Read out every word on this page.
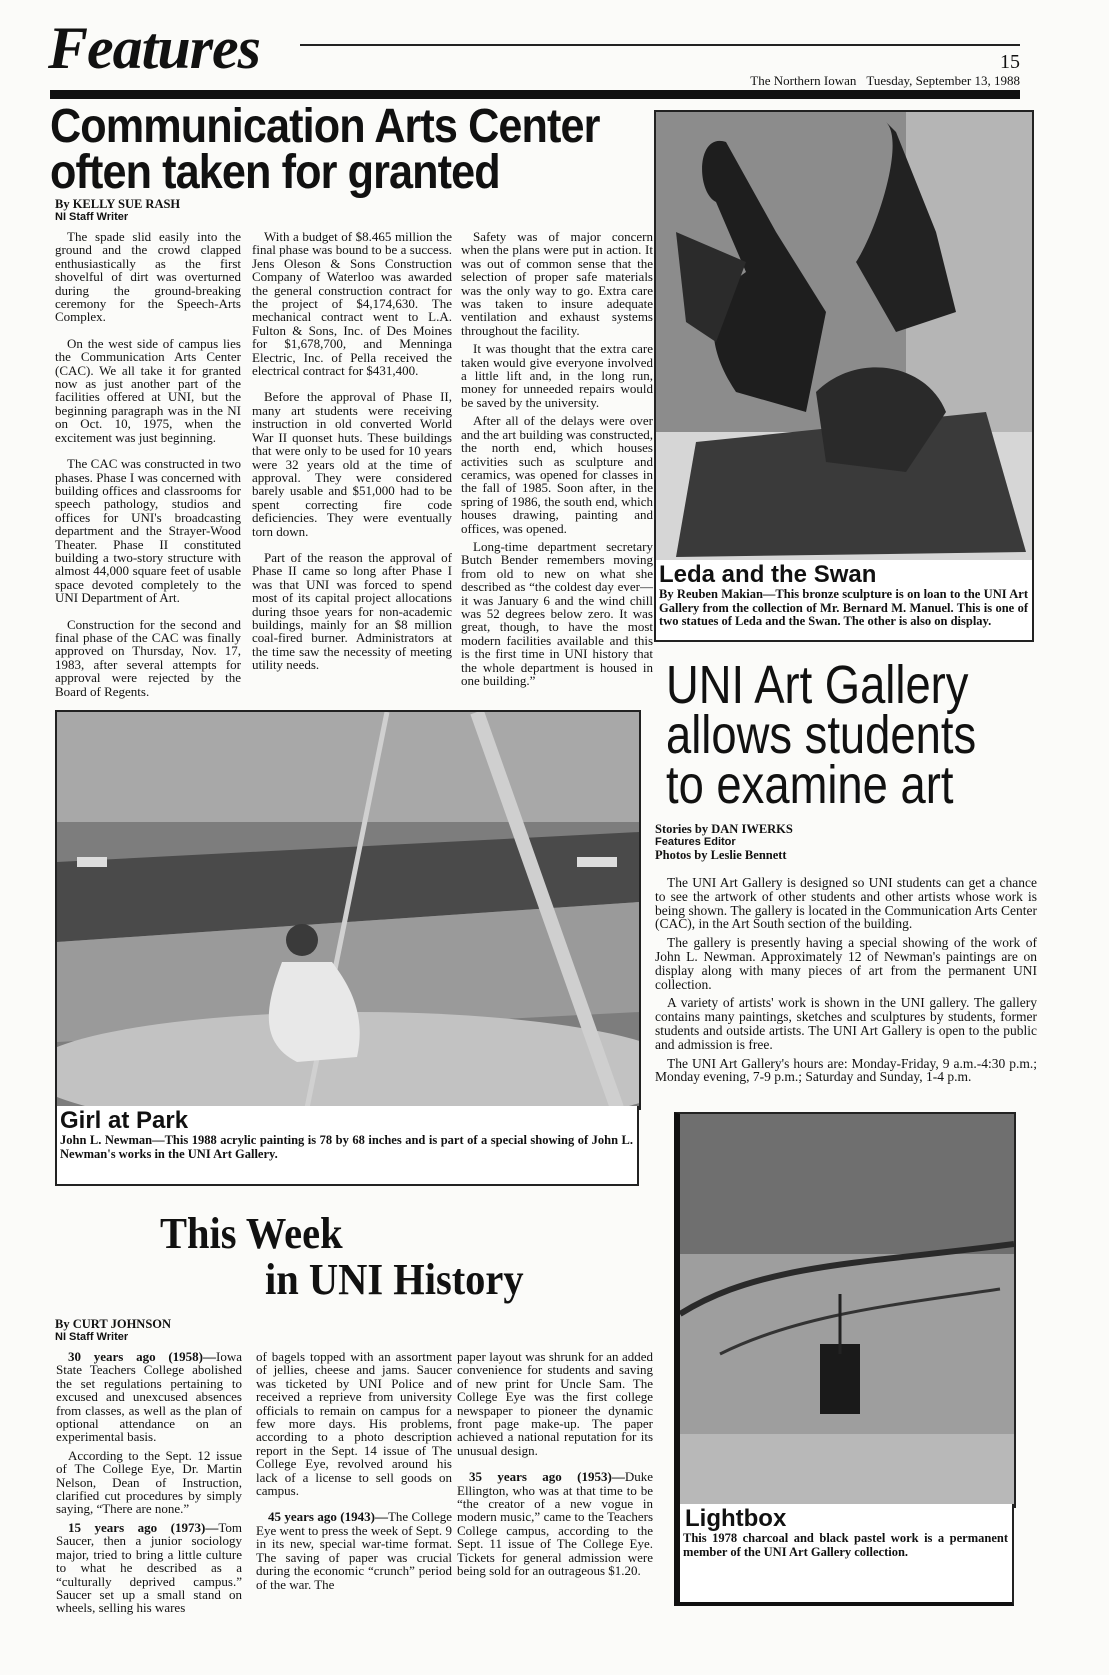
Features	15
The Northern Iowan Tuesday, September 13, 1988
Communication Arts Center
often taken for granted
By KELLY SUE RASH
NI Staff Writer

The spade slid easily into the ground and the crowd clapped enthusiastically as the first shovelful of dirt was overturned during the ground-breaking ceremony for the Speech-Arts Complex.

On the west side of campus lies the Communication Arts Center (CAC). We all take it for granted now as just another part of the facilities offered at UNI, but the beginning paragraph was in the NI on Oct. 10, 1975, when the excitement was just beginning.

The CAC was constructed in two phases. Phase I was concerned with building offices and classrooms for speech pathology, studios and offices for UNI's broadcasting department and the Strayer-Wood Theater. Phase II constituted building a two-story structure with almost 44,000 square feet of usable space devoted completely to the UNI Department of Art.

Construction for the second and final phase of the CAC was finally approved on Thursday, Nov. 17, 1983, after several attempts for approval were rejected by the Board of Regents.

With a budget of $8.465 million the final phase was bound to be a success. Jens Oleson & Sons Construction Company of Waterloo was awarded the general construction contract for the project of $4,174,630. The mechanical contract went to L.A. Fulton & Sons, Inc. of Des Moines for $1,678,700, and Menninga Electric, Inc. of Pella received the electrical contract for $431,400.

Before the approval of Phase II, many art students were receiving instruction in old converted World War II quonset huts. These buildings that were only to be used for 10 years were 32 years old at the time of approval. They were considered barely usable and $51,000 had to be spent correcting fire code deficiencies. They were eventually torn down.

Part of the reason the approval of Phase II came so long after Phase I was that UNI was forced to spend most of its capital project allocations during thsoe years for non-academic buildings, mainly for an $8 million coal-fired burner. Administrators at the time saw the necessity of meeting utility needs.

Safety was of major concern when the plans were put in action. It was out of common sense that the selection of proper safe materials was the only way to go. Extra care was taken to insure adequate ventilation and exhaust systems throughout the facility.

It was thought that the extra care taken would give everyone involved a little lift and, in the long run, money for unneeded repairs would be saved by the university.

After all of the delays were over and the art building was constructed, the north end, which houses activities such as sculpture and ceramics, was opened for classes in the fall of 1985. Soon after, in the spring of 1986, the south end, which houses drawing, painting and offices, was opened.

Long-time department secretary Butch Bender remembers moving from old to new on what she described as “the coldest day ever—it was January 6 and the wind chill was 52 degrees below zero. It was great, though, to have the most modern facilities available and this is the first time in UNI history that the whole department is housed in one building.”

Leda and the Swan
By Reuben Makian—This bronze sculpture is on loan to the UNI Art Gallery from the collection of Mr. Bernard M. Manuel. This is one of two statues of Leda and the Swan. The other is also on display.
UNI Art Gallery
allows students
to examine art
Stories by DAN IWERKS
Features Editor
Photos by Leslie Bennett

The UNI Art Gallery is designed so UNI students can get a chance to see the artwork of other students and other artists whose work is being shown. The gallery is located in the Communication Arts Center (CAC), in the Art South section of the building.

The gallery is presently having a special showing of the work of John L. Newman. Approximately 12 of Newman's paintings are on display along with many pieces of art from the permanent UNI collection.

A variety of artists' work is shown in the UNI gallery. The gallery contains many paintings, sketches and sculptures by students, former students and outside artists. The UNI Art Gallery is open to the public and admission is free.

The UNI Art Gallery's hours are: Monday-Friday, 9 a.m.-4:30 p.m.; Monday evening, 7-9 p.m.; Saturday and Sunday, 1-4 p.m.

Girl at Park
John L. Newman—This 1988 acrylic painting is 78 by 68 inches and is part of a special showing of John L. Newman's works in the UNI Art Gallery.
Lightbox
This 1978 charcoal and black pastel work is a permanent member of the UNI Art Gallery collection.
This Week
in UNI History
By CURT JOHNSON
NI Staff Writer

30 years ago (1958)—Iowa State Teachers College abolished the set regulations pertaining to excused and unexcused absences from classes, as well as the plan of optional attendance on an experimental basis.

According to the Sept. 12 issue of The College Eye, Dr. Martin Nelson, Dean of Instruction, clarified cut procedures by simply saying, “There are none.”

15 years ago (1973)—Tom Saucer, then a junior sociology major, tried to bring a little culture to what he described as a “culturally deprived campus.” Saucer set up a small stand on wheels, selling his wares

of bagels topped with an assortment of jellies, cheese and jams. Saucer was ticketed by UNI Police and received a reprieve from university officials to remain on campus for a few more days. His problems, according to a photo description report in the Sept. 14 issue of The College Eye, revolved around his lack of a license to sell goods on campus.

45 years ago (1943)—The College Eye went to press the week of Sept. 9 in its new, special war-time format. The saving of paper was crucial during the economic “crunch” period of the war. The

paper layout was shrunk for an added convenience for students and saving of new print for Uncle Sam. The College Eye was the first college newspaper to pioneer the dynamic front page make-up. The paper achieved a national reputation for its unusual design.

35 years ago (1953)—Duke Ellington, who was at that time to be “the creator of a new vogue in modern music,” came to the Teachers College campus, according to the Sept. 11 issue of The College Eye. Tickets for general admission were being sold for an outrageous $1.20.
